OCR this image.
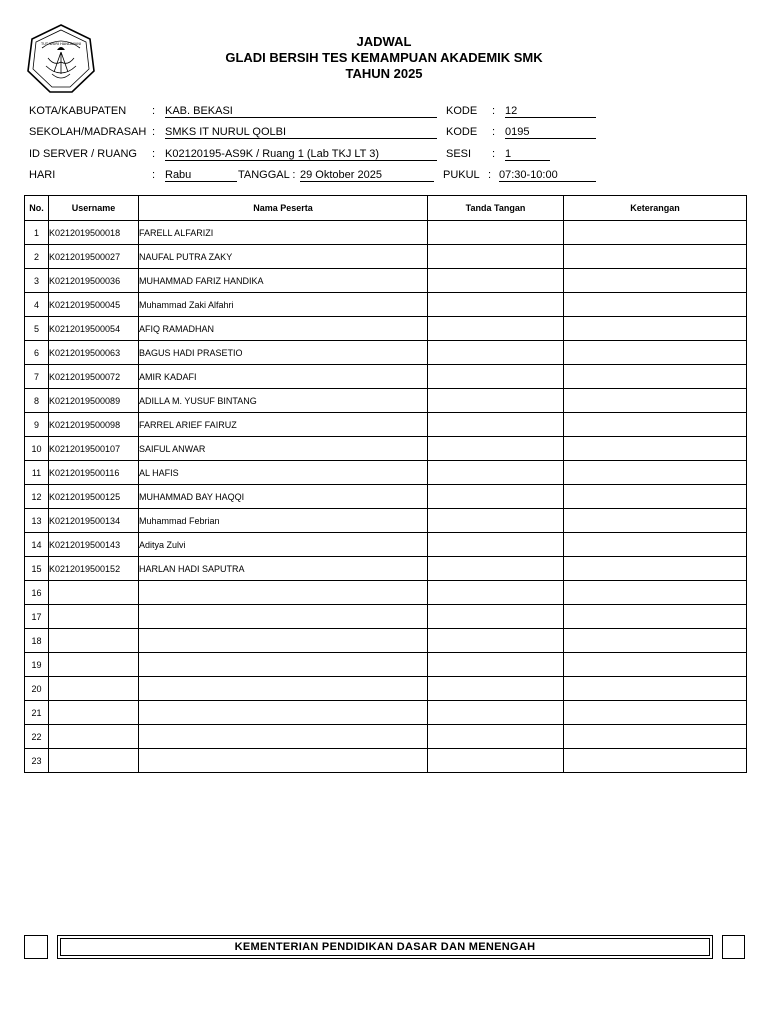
TUT WURI HANDAYANI	JADWAL
GLADI BERSIH TES KEMAMPUAN AKADEMIK SMK
TAHUN 2025
KOTA/KABUPATEN : KAB. BEKASI	KODE : 12
SEKOLAH/MADRASAH : SMKS IT NURUL QOLBI	KODE : 0195
ID SERVER / RUANG : K02120195-AS9K / Ruang 1 (Lab TKJ LT 3)	SESI : 1
HARI	: Rabu	TANGGAL : 29 Oktober 2025	PUKUL : 07:30-10:00
No.	Username	Nama Peserta	Tanda Tangan	Keterangan
1	K0212019500018	FARELL ALFARIZI		
2	K0212019500027	NAUFAL PUTRA ZAKY		
3	K0212019500036	MUHAMMAD FARIZ HANDIKA		
4	K0212019500045	Muhammad Zaki Alfahri		
5	K0212019500054	AFIQ RAMADHAN		
6	K0212019500063	BAGUS HADI PRASETIO		
7	K0212019500072	AMIR KADAFI		
8	K0212019500089	ADILLA M. YUSUF BINTANG		
9	K0212019500098	FARREL ARIEF FAIRUZ		
10	K0212019500107	SAIFUL ANWAR		
11	K0212019500116	AL HAFIS		
12	K0212019500125	MUHAMMAD BAY HAQQI		
13	K0212019500134	Muhammad Febrian		
14	K0212019500143	Aditya Zulvi		
15	K0212019500152	HARLAN HADI SAPUTRA		
16				
17				
18				
19				
20				
21				
22				
23				
KEMENTERIAN PENDIDIKAN DASAR DAN MENENGAH
